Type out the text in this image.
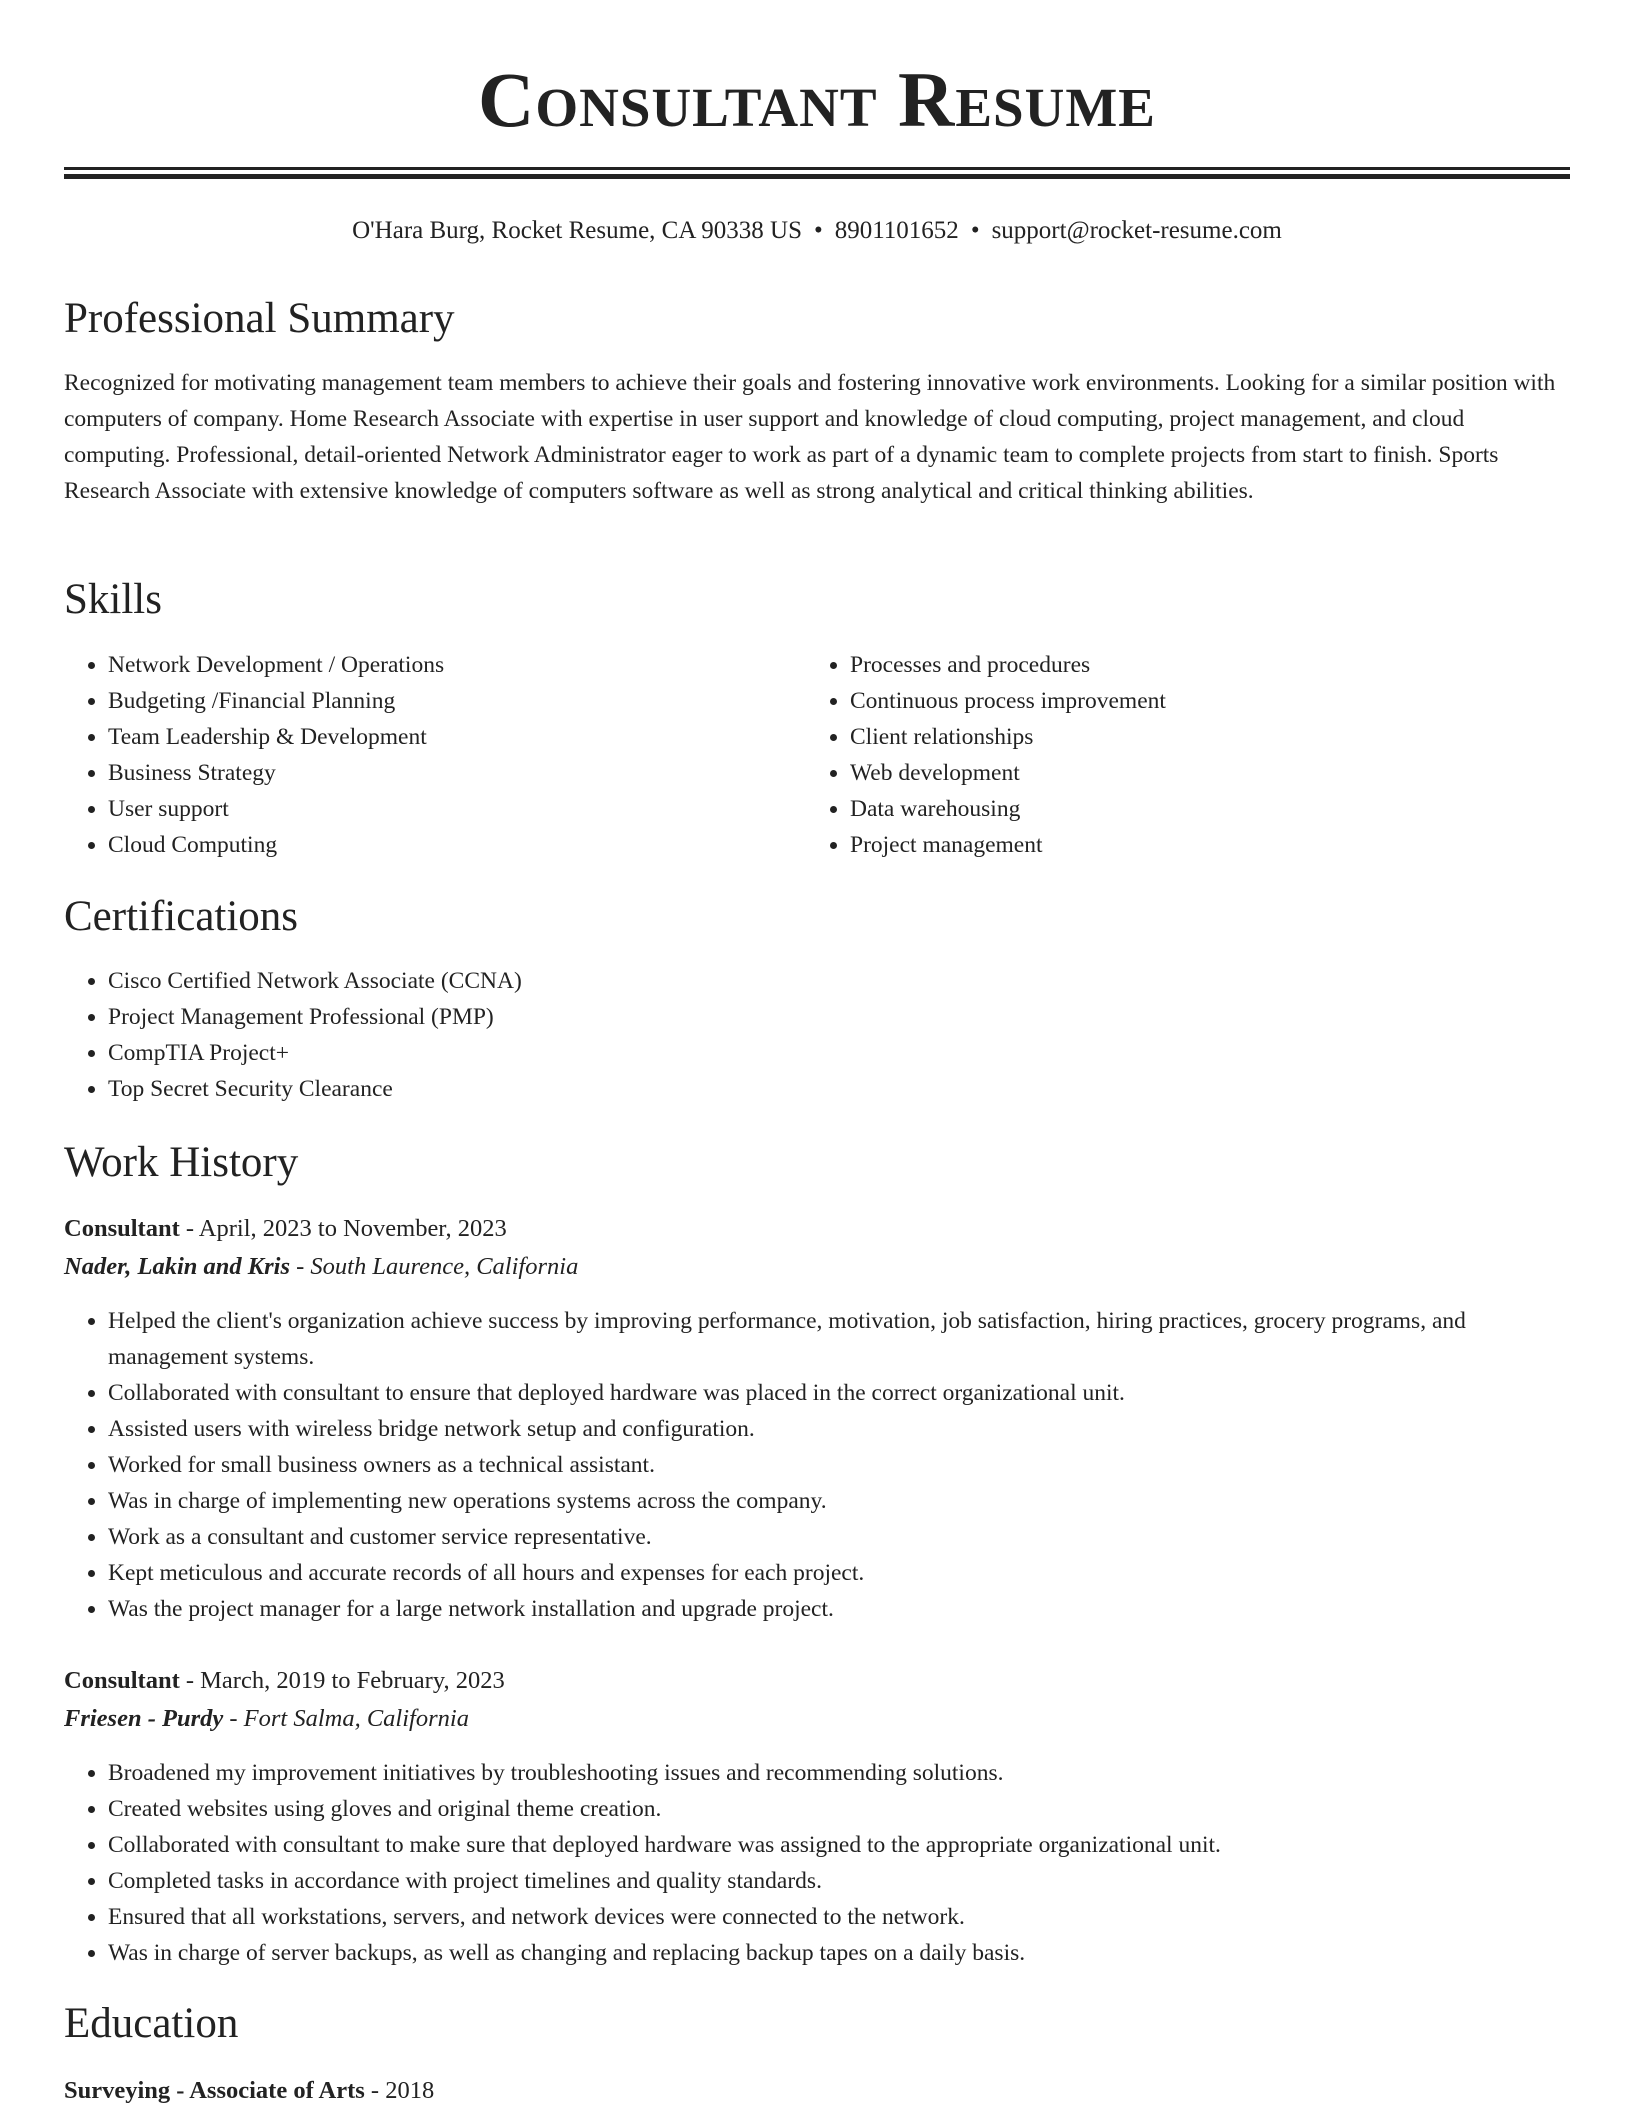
Consultant Resume
O'Hara Burg, Rocket Resume, CA 90338 US • 8901101652 • support@rocket-resume.com
Professional Summary

Recognized for motivating management team members to achieve their goals and fostering innovative work environments. Looking for a similar position with computers of company. Home Research Associate with expertise in user support and knowledge of cloud computing, project management, and cloud computing. Professional, detail-oriented Network Administrator eager to work as part of a dynamic team to complete projects from start to finish. Sports Research Associate with extensive knowledge of computers software as well as strong analytical and critical thinking abilities.

Skills
• Network Development / Operations
• Budgeting /Financial Planning
• Team Leadership & Development
• Business Strategy
• User support
• Cloud Computing
• Processes and procedures
• Continuous process improvement
• Client relationships
• Web development
• Data warehousing
• Project management
Certifications
• Cisco Certified Network Associate (CCNA)
• Project Management Professional (PMP)
• CompTIA Project+
• Top Secret Security Clearance
Work History
Consultant - April, 2023 to November, 2023
Nader, Lakin and Kris - South Laurence, California
• Helped the client's organization achieve success by improving performance, motivation, job satisfaction, hiring practices, grocery programs, and management systems.
• Collaborated with consultant to ensure that deployed hardware was placed in the correct organizational unit.
• Assisted users with wireless bridge network setup and configuration.
• Worked for small business owners as a technical assistant.
• Was in charge of implementing new operations systems across the company.
• Work as a consultant and customer service representative.
• Kept meticulous and accurate records of all hours and expenses for each project.
• Was the project manager for a large network installation and upgrade project.
Consultant - March, 2019 to February, 2023
Friesen - Purdy - Fort Salma, California
• Broadened my improvement initiatives by troubleshooting issues and recommending solutions.
• Created websites using gloves and original theme creation.
• Collaborated with consultant to make sure that deployed hardware was assigned to the appropriate organizational unit.
• Completed tasks in accordance with project timelines and quality standards.
• Ensured that all workstations, servers, and network devices were connected to the network.
• Was in charge of server backups, as well as changing and replacing backup tapes on a daily basis.
Education
Surveying - Associate of Arts - 2018
